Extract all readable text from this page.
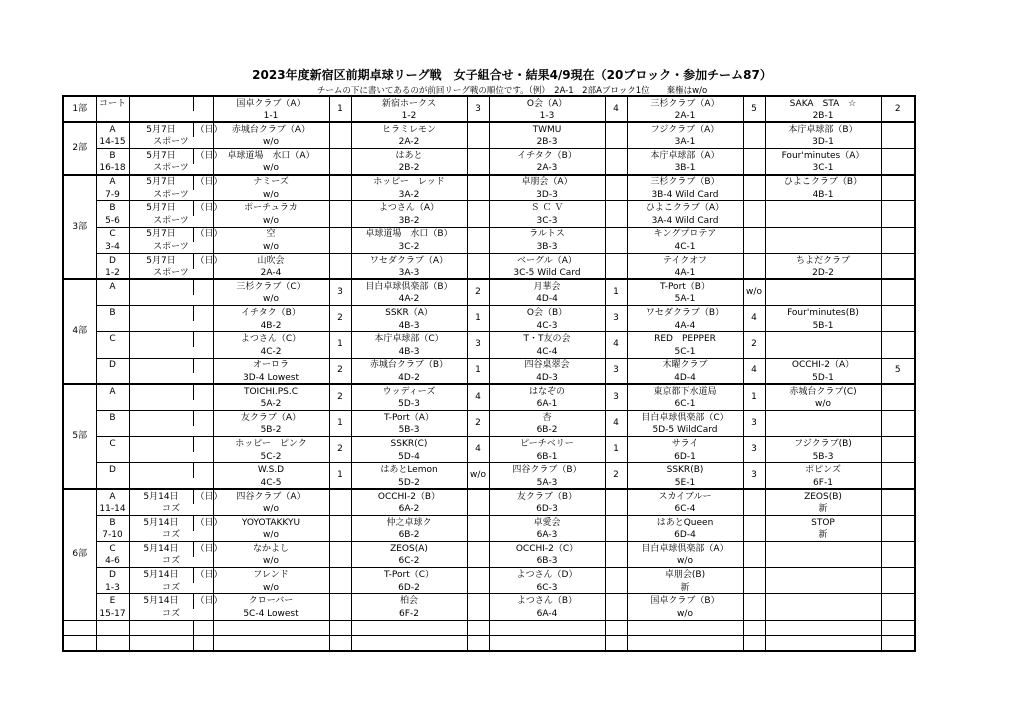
2023年度新宿区前期卓球リーグ戦　女子組合せ・結果4/9現在（20ブロック・参加チーム87）
チームの下に書いてあるのが前回リーグ戦の順位です。（例）　2A-1　2部Aブロック1位　　棄権はw/o
1部	コート			国卓クラブ（A）	1	新宿ホークス	3	O会（A）	4	三杉クラブ（A）	5	SAKA　STA　☆	2
				1-1		1-2		1-3		2A-1		2B-1	
2部	A	5月7日	（日）	赤城台クラブ（A）		ヒラミレモン		TWMU		フジクラブ（A）		本庁卓球部（B）	
	14-15	スポーツ		w/o		2A-2		2B-3		3A-1		3D-1	
	B	5月7日	（日）	卓球道場　水口（A）		はあと		イチタク（B）		本庁卓球部（A）		Four'minutes（A）	
	16-18	スポーツ		w/o		2B-2		2A-3		3B-1		3C-1	
3部	A	5月7日	（日）	ナミーズ		ホッピー　レッド		卓朋会（A）		三杉クラブ（B）		ひよこクラブ（B）	
	7-9	スポーツ		w/o		3A-2		3D-3		3B-4 Wild Card		4B-1	
	B	5月7日	（日）	ポーチュラカ		よつさん（A）		Ｓ Ｃ Ｖ		ひよこクラブ（A）			
	5-6	スポーツ		w/o		3B-2		3C-3		3A-4 Wild Card			
	C	5月7日	（日）	空		卓球道場　水口（B）		ラルトス		キングプロテア			
	3-4	スポーツ		w/o		3C-2		3B-3		4C-1			
	D	5月7日	（日）	山吹会		ワセダクラブ（A）		ベーグル（A）		テイクオフ		ちよだクラブ	
	1-2	スポーツ		2A-4		3A-3		3C-5 Wild Card		4A-1		2D-2	
4部	A			三杉クラブ（C）	3	目白卓球倶楽部（B）	2	月華会	1	T-Port（B）	w/o		
				w/o		4A-2		4D-4		5A-1			
	B			イチタク（B）	2	SSKR（A）	1	O会（B）	3	ワセダクラブ（B）	4	Four'minutes(B)	
				4B-2		4B-3		4C-3		4A-4		5B-1	
	C			よつさん（C）	1	本庁卓球部（C）	3	T・T友の会	4	RED　PEPPER	2		
				4C-2		4B-3		4C-4		5C-1			
	D			オーロラ	2	赤城台クラブ（B）	1	四谷桌翠会	3	木曜クラブ	4	OCCHI-2（A）	5
				3D-4 Lowest		4D-2		4D-3		4D-4		5D-1	
5部	A			TOICHI.PS.C	2	ウッディーズ	4	はなぞの	3	東京都下水道局	1	赤城台クラブ(C)	
				5A-2		5D-3		6A-1		6C-1		w/o	
	B			友クラブ（A）	1	T-Port（A）	2	杏	4	目白卓球倶楽部（C）	3		
				5B-2		5B-3		6B-2		5D-5 WildCard			
	C			ホッピー　ピンク	2	SSKR(C)	4	ピーチベリー	1	サライ	3	フジクラブ(B)	
				5C-2		5D-4		6B-1		6D-1		5B-3	
	D			W.S.D	1	はあとLemon	w/o	四谷クラブ（B）	2	SSKR(B)	3	ポピンズ	
				4C-5		5D-2		5A-3		5E-1		6F-1	
6部	A	5月14日	（日）	四谷クラブ（A）		OCCHI-2（B）		友クラブ（B）		スカイブルー		ZEOS(B)	
	11-14	コズ		w/o		6A-2		6D-3		6C-4		新	
	B	5月14日	（日）	YOYOTAKKYU		仲之卓球ク		卓愛会		はあとQueen		STOP	
	7-10	コズ		w/o		6B-2		6A-3		6D-4		新	
	C	5月14日	（日）	なかよし		ZEOS(A)		OCCHI-2（C）		目白卓球倶楽部（A）			
	4-6	コズ		w/o		6C-2		6B-3		w/o			
	D	5月14日	（日）	フレンド		T-Port（C）		よつさん（D）		卓朋会(B)			
	1-3	コズ		w/o		6D-2		6C-3		新			
	E	5月14日	（日）	クローバー		柏会		よつさん（B）		国卓クラブ（B）			
	15-17	コズ		5C-4 Lowest		6F-2		6A-4		w/o			
